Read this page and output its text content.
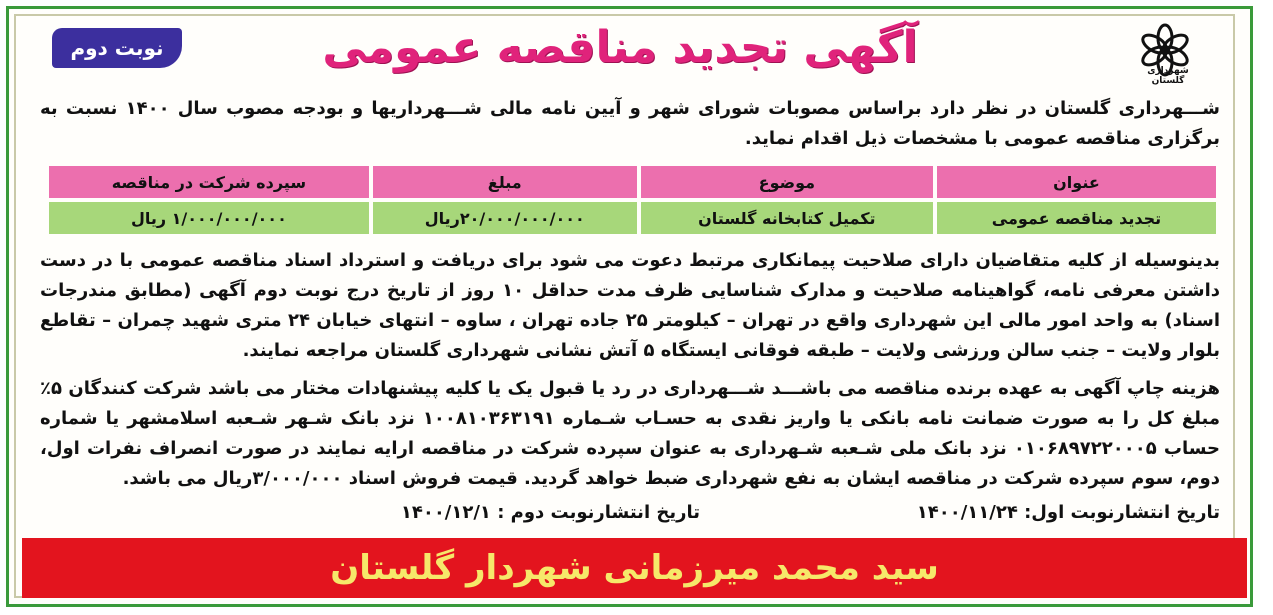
شهرداری گلستان
آگهی تجدید مناقصه عمومی
نوبت دوم
شـــهرداری گلستان در نظر دارد براساس مصوبات شورای شهر و آیین نامه مالی شـــهرداریها و بودجه مصوب سال ۱۴۰۰ نسبت به برگزاری مناقصه عمومی با مشخصات ذیل اقدام نماید.
عنوان	موضوع	مبلغ	سپرده شرکت در مناقصه
تجدید مناقصه عمومی	تکمیل کتابخانه گلستان	۲۰/۰۰۰/۰۰۰/۰۰۰ریال	۱/۰۰۰/۰۰۰/۰۰۰ ریال
بدینوسیله از کلیه متقاضیان دارای صلاحیت پیمانکاری مرتبط دعوت می شود برای دریافت و استرداد اسناد مناقصه عمومی با در دست داشتن معرفی نامه، گواهینامه صلاحیت و مدارک شناسایی ظرف مدت حداقل ۱۰ روز از تاریخ درج نوبت دوم آگهی (مطابق مندرجات اسناد) به واحد امور مالی این شهرداری واقع در تهران – کیلومتر ۲۵ جاده تهران ، ساوه – انتهای خیابان ۲۴ متری شهید چمران – تقاطع بلوار ولایت – جنب سالن ورزشی ولایت – طبقه فوقانی ایستگاه ۵ آتش نشانی شهرداری گلستان مراجعه نمایند.
هزینه چاپ آگهی به عهده برنده مناقصه می باشـــد شـــهرداری در رد یا قبول یک یا کلیه پیشنهادات مختار می باشد شرکت کنندگان ۵٪ مبلغ کل را به صورت ضمانت نامه بانکی یا واریز نقدی به حسـاب شـماره ۱۰۰۸۱۰۳۶۳۱۹۱ نزد بانک شـهر شـعبه اسلامشهر یا شماره حساب ۰۱۰۶۸۹۷۲۲۰۰۰۵ نزد بانک ملی شـعبه شـهرداری به عنوان سپرده شرکت در مناقصه ارایه نمایند در صورت انصراف نفرات اول، دوم، سوم سپرده شرکت در مناقصه ایشان به نفع شهرداری ضبط خواهد گردید. قیمت فروش اسناد ۳/۰۰۰/۰۰۰ریال می باشد.
تاریخ انتشارنوبت اول: ۱۴۰۰/۱۱/۲۴
تاریخ انتشارنوبت دوم : ۱۴۰۰/۱۲/۱
سید محمد میرزمانی شهردار گلستان
